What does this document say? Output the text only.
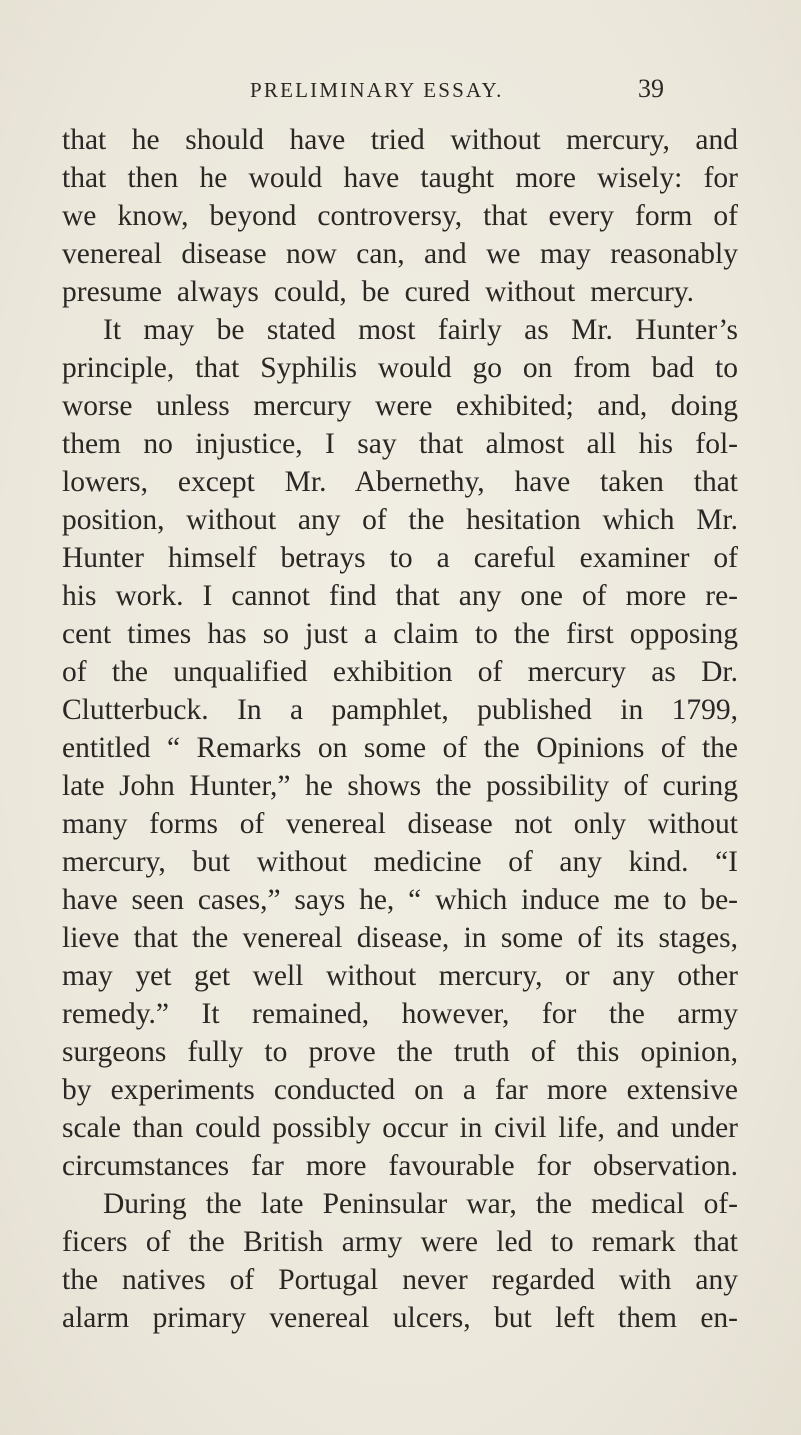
PRELIMINARY ESSAY.	39
that he should have tried without mercury, and
that then he would have taught more wisely: for
we know, beyond controversy, that every form of
venereal disease now can, and we may reasonably
presume always could, be cured without mercury.
It may be stated most fairly as Mr. Hunter’s
principle, that Syphilis would go on from bad to
worse unless mercury were exhibited; and, doing
them no injustice, I say that almost all his fol-
lowers, except Mr. Abernethy, have taken that
position, without any of the hesitation which Mr.
Hunter himself betrays to a careful examiner of
his work. I cannot find that any one of more re-
cent times has so just a claim to the first opposing
of the unqualified exhibition of mercury as Dr.
Clutterbuck. In a pamphlet, published in 1799,
entitled “ Remarks on some of the Opinions of the
late John Hunter,” he shows the possibility of curing
many forms of venereal disease not only without
mercury, but without medicine of any kind. “I
have seen cases,” says he, “ which induce me to be-
lieve that the venereal disease, in some of its stages,
may yet get well without mercury, or any other
remedy.” It remained, however, for the army
surgeons fully to prove the truth of this opinion,
by experiments conducted on a far more extensive
scale than could possibly occur in civil life, and under
circumstances far more favourable for observation.
During the late Peninsular war, the medical of-
ficers of the British army were led to remark that
the natives of Portugal never regarded with any
alarm primary venereal ulcers, but left them en-
